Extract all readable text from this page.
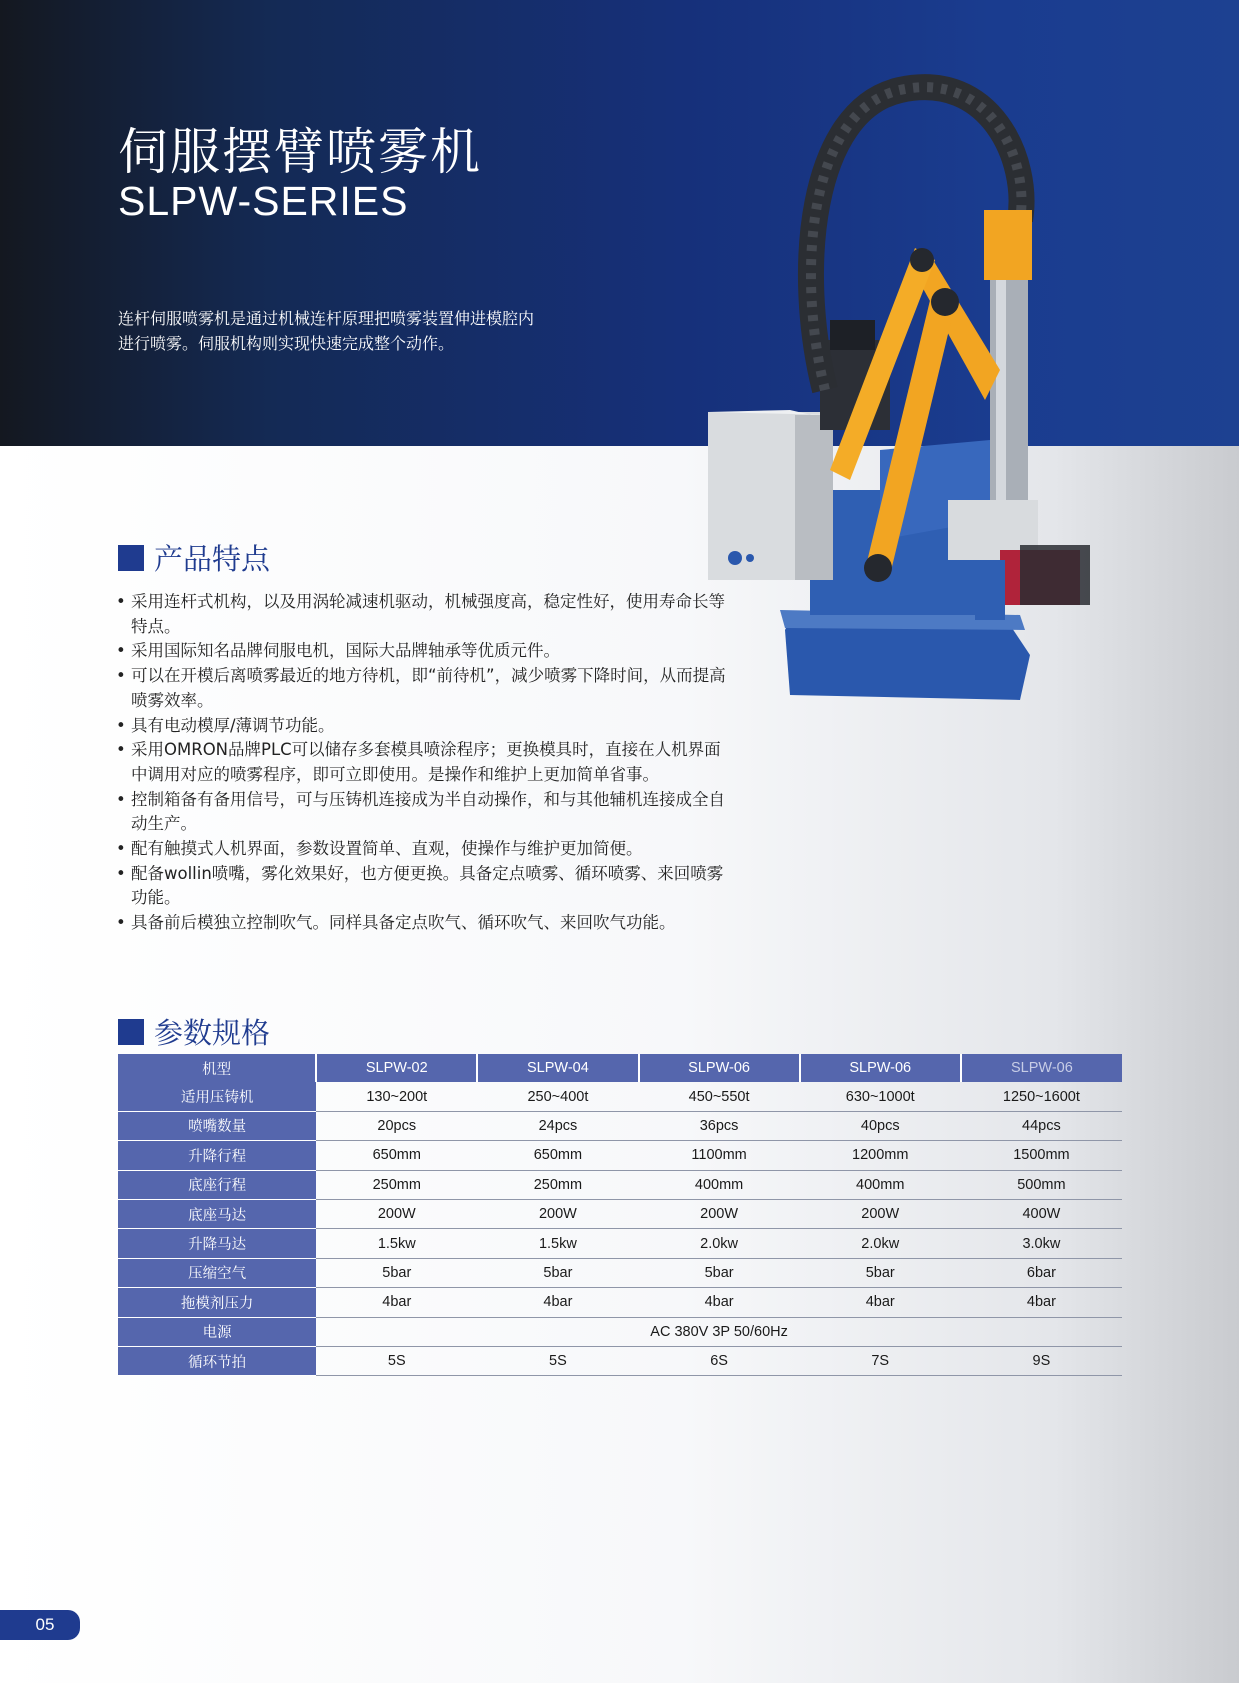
伺服摆臂喷雾机
SLPW-SERIES

连杆伺服喷雾机是通过机械连杆原理把喷雾装置伸进模腔内进行喷雾。伺服机构则实现快速完成整个动作。

产品特点
• 采用连杆式机构，以及用涡轮减速机驱动，机械强度高，稳定性好，使用寿命长等特点。
• 采用国际知名品牌伺服电机，国际大品牌轴承等优质元件。
• 可以在开模后离喷雾最近的地方待机，即“前待机”，减少喷雾下降时间，从而提高喷雾效率。
• 具有电动模厚/薄调节功能。
• 采用OMRON品牌PLC可以储存多套模具喷涂程序；更换模具时，直接在人机界面中调用对应的喷雾程序，即可立即使用。是操作和维护上更加简单省事。
• 控制箱备有备用信号，可与压铸机连接成为半自动操作，和与其他辅机连接成全自动生产。
• 配有触摸式人机界面，参数设置简单、直观，使操作与维护更加简便。
• 配备wollin喷嘴，雾化效果好，也方便更换。具备定点喷雾、循环喷雾、来回喷雾功能。
• 具备前后模独立控制吹气。同样具备定点吹气、循环吹气、来回吹气功能。
参数规格
机型	SLPW-02	SLPW-04	SLPW-06	SLPW-06	SLPW-06
适用压铸机	130~200t	250~400t	450~550t	630~1000t	1250~1600t
喷嘴数量	20pcs	24pcs	36pcs	40pcs	44pcs
升降行程	650mm	650mm	1100mm	1200mm	1500mm
底座行程	250mm	250mm	400mm	400mm	500mm
底座马达	200W	200W	200W	200W	400W
升降马达	1.5kw	1.5kw	2.0kw	2.0kw	3.0kw
压缩空气	5bar	5bar	5bar	5bar	6bar
拖模剂压力	4bar	4bar	4bar	4bar	4bar
电源	AC 380V 3P 50/60Hz				
循环节拍	5S	5S	6S	7S	9S
05
